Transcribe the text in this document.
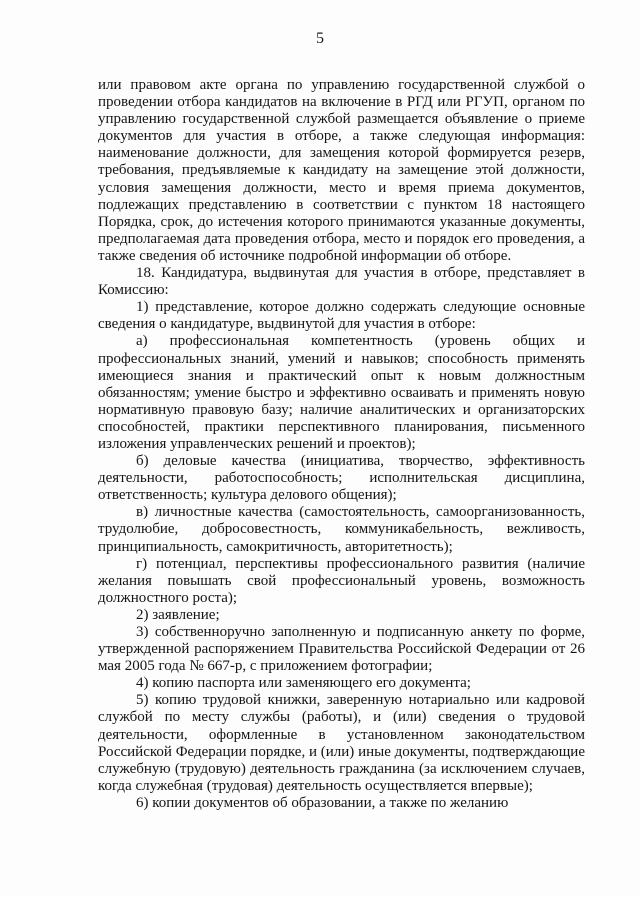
5

или правовом акте органа по управлению государственной службой о проведении отбора кандидатов на включение в РГД или РГУП, органом по управлению государственной службой размещается объявление о приеме документов для участия в отборе, а также следующая информация: наименование должности, для замещения которой формируется резерв, требования, предъявляемые к кандидату на замещение этой должности, условия замещения должности, место и время приема документов, подлежащих представлению в соответствии с пунктом 18 настоящего Порядка, срок, до истечения которого принимаются указанные документы, предполагаемая дата проведения отбора, место и порядок его проведения, а также сведения об источнике подробной информации об отборе.

18. Кандидатура, выдвинутая для участия в отборе, представляет в Комиссию:

1) представление, которое должно содержать следующие основные сведения о кандидатуре, выдвинутой для участия в отборе:

а) профессиональная компетентность (уровень общих и профессиональных знаний, умений и навыков; способность применять имеющиеся знания и практический опыт к новым должностным обязанностям; умение быстро и эффективно осваивать и применять новую нормативную правовую базу; наличие аналитических и организаторских способностей, практики перспективного планирования, письменного изложения управленческих решений и проектов);

б) деловые качества (инициатива, творчество, эффективность деятельности, работоспособность; исполнительская дисциплина, ответственность; культура делового общения);

в) личностные качества (самостоятельность, самоорганизованность, трудолюбие, добросовестность, коммуникабельность, вежливость, принципиальность, самокритичность, авторитетность);

г) потенциал, перспективы профессионального развития (наличие желания повышать свой профессиональный уровень, возможность должностного роста);

2) заявление;

3) собственноручно заполненную и подписанную анкету по форме, утвержденной распоряжением Правительства Российской Федерации от 26 мая 2005 года № 667-р, с приложением фотографии;

4) копию паспорта или заменяющего его документа;

5) копию трудовой книжки, заверенную нотариально или кадровой службой по месту службы (работы), и (или) сведения о трудовой деятельности, оформленные в установленном законодательством Российской Федерации порядке, и (или) иные документы, подтверждающие служебную (трудовую) деятельность гражданина (за исключением случаев, когда служебная (трудовая) деятельность осуществляется впервые);

6) копии документов об образовании, а также по желанию
